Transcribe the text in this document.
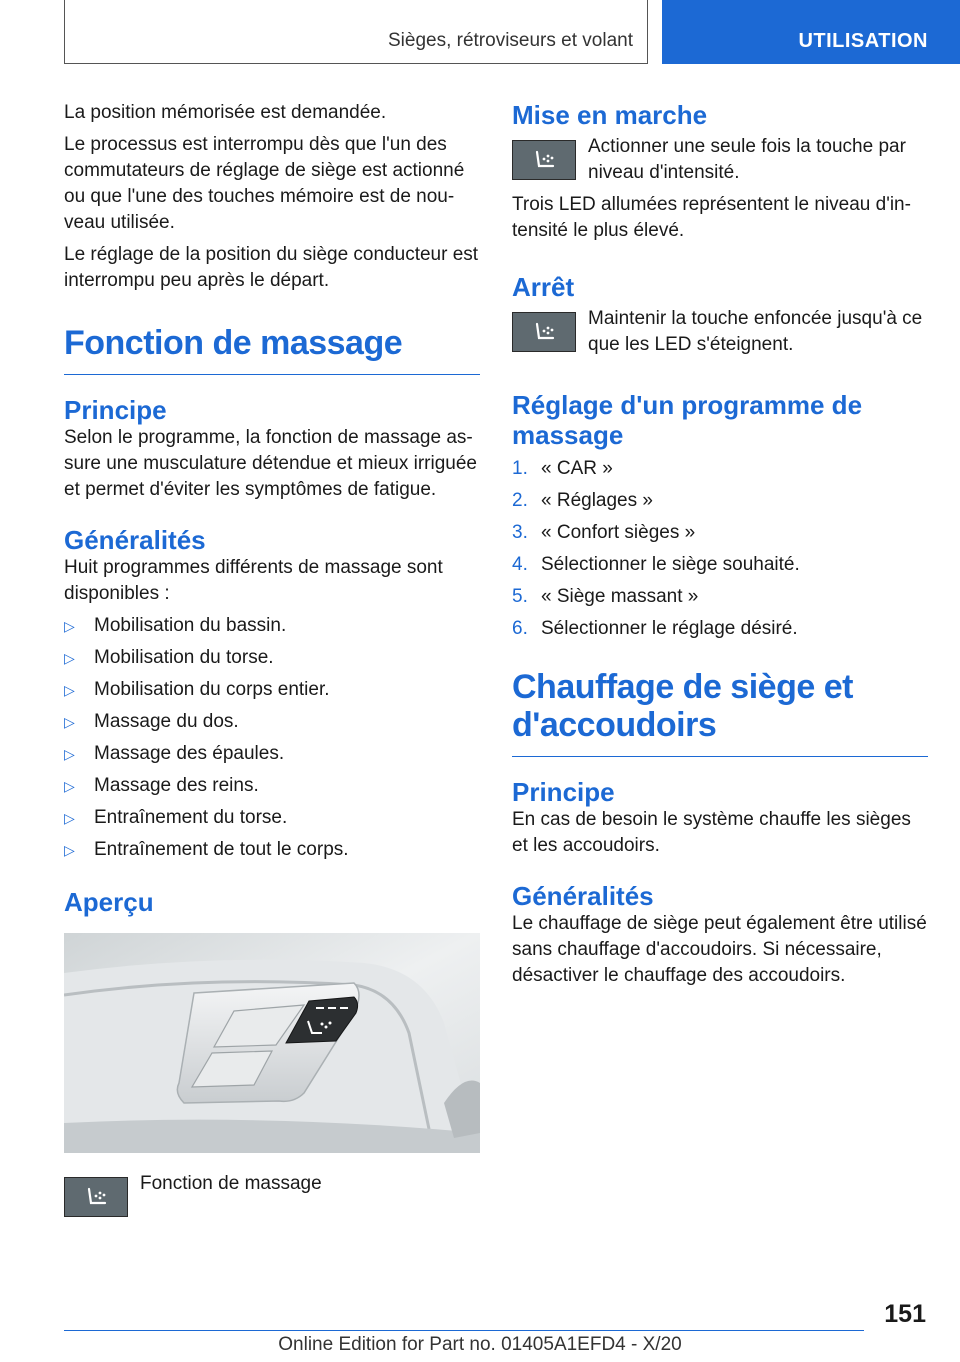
Sièges, rétroviseurs et volant	UTILISATION

La position mémorisée est demandée.

Le processus est interrompu dès que l'un des commutateurs de réglage de siège est actionné ou que l'une des touches mémoire est de nouveau utilisée.

Le réglage de la position du siège conducteur est interrompu peu après le départ.

Fonction de massage
Principe

Selon le programme, la fonction de massage assure une musculature détendue et mieux irriguée et permet d'éviter les symptômes de fatigue.

Généralités

Huit programmes différents de massage sont disponibles :

▷ Mobilisation du bassin.
▷ Mobilisation du torse.
▷ Mobilisation du corps entier.
▷ Massage du dos.
▷ Massage des épaules.
▷ Massage des reins.
▷ Entraînement du torse.
▷ Entraînement de tout le corps.
Aperçu
Fonction de massage
Mise en marche
Actionner une seule fois la touche par niveau d'intensité.

Trois LED allumées représentent le niveau d'intensité le plus élevé.

Arrêt
Maintenir la touche enfoncée jusqu'à ce que les LED s'éteignent.
Réglage d'un programme de massage
1. « CAR »
2. « Réglages »
3. « Confort sièges »
4. Sélectionner le siège souhaité.
5. « Siège massant »
6. Sélectionner le réglage désiré.
Chauffage de siège et d'accoudoirs
Principe

En cas de besoin le système chauffe les sièges et les accoudoirs.

Généralités

Le chauffage de siège peut également être utilisé sans chauffage d'accoudoirs. Si nécessaire, désactiver le chauffage des accoudoirs.

151
Online Edition for Part no. 01405A1EFD4 - X/20
